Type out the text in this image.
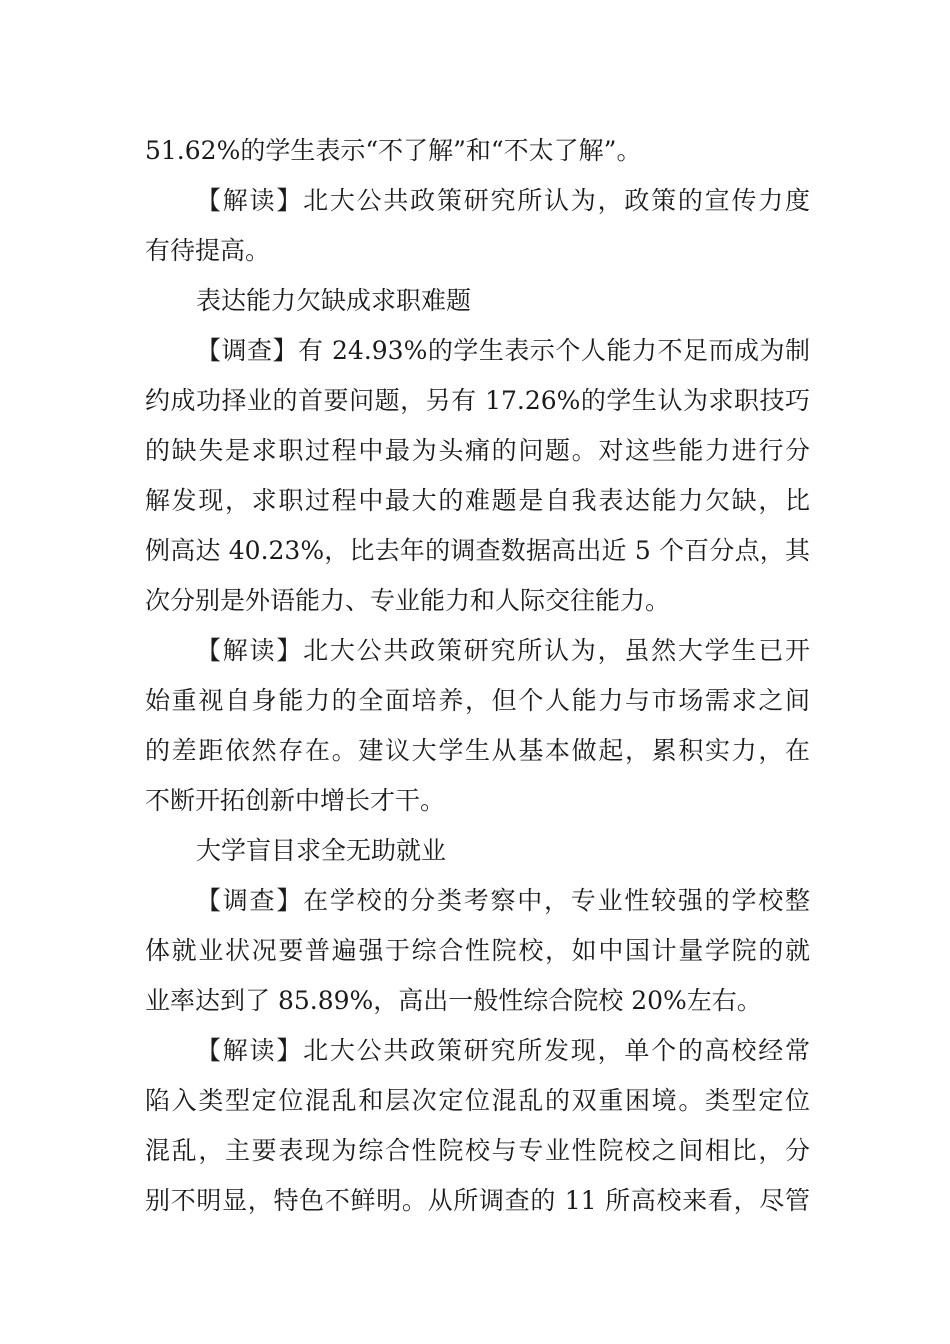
51.62%的学生表示“不了解”和“不太了解”。
【解读】北大公共政策研究所认为，政策的宣传力度
有待提高。
表达能力欠缺成求职难题
【调查】有 24.93%的学生表示个人能力不足而成为制
约成功择业的首要问题，另有 17.26%的学生认为求职技巧
的缺失是求职过程中最为头痛的问题。对这些能力进行分
解发现，求职过程中最大的难题是自我表达能力欠缺，比
例高达 40.23%，比去年的调查数据高出近 5 个百分点，其
次分别是外语能力、专业能力和人际交往能力。
【解读】北大公共政策研究所认为，虽然大学生已开
始重视自身能力的全面培养，但个人能力与市场需求之间
的差距依然存在。建议大学生从基本做起，累积实力，在
不断开拓创新中增长才干。
大学盲目求全无助就业
【调查】在学校的分类考察中，专业性较强的学校整
体就业状况要普遍强于综合性院校，如中国计量学院的就
业率达到了 85.89%，高出一般性综合院校 20%左右。
【解读】北大公共政策研究所发现，单个的高校经常
陷入类型定位混乱和层次定位混乱的双重困境。类型定位
混乱，主要表现为综合性院校与专业性院校之间相比，分
别不明显，特色不鲜明。从所调查的 11 所高校来看，尽管
